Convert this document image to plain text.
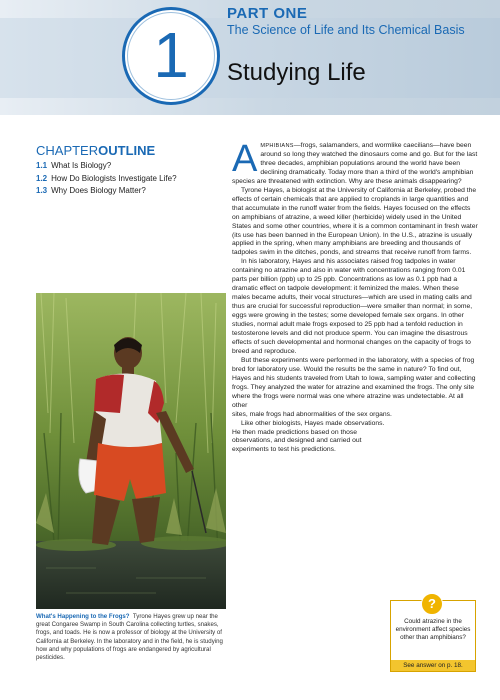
PART ONE
The Science of Life and Its Chemical Basis
1 Studying Life
CHAPTEROUTLINE
1.1 What Is Biology?
1.2 How Do Biologists Investigate Life?
1.3 Why Does Biology Matter?
What's Happening to the Frogs? Tyrone Hayes grew up near the great Congaree Swamp in South Carolina collecting turtles, snakes, frogs, and toads. He is now a professor of biology at the University of California at Berkeley. In the laboratory and in the field, he is studying how and why populations of frogs are endangered by agricultural pesticides.

AMPHIBIANS—frogs, salamanders, and wormlike caecilians—have been around so long they watched the dinosaurs come and go. But for the last three decades, amphibian populations around the world have been declining dramatically. Today more than a third of the world's amphibian species are threatened with extinction. Why are these animals disappearing?

Tyrone Hayes, a biologist at the University of California at Berkeley, probed the effects of certain chemicals that are applied to croplands in large quantities and that accumulate in the runoff water from the fields. Hayes focused on the effects on amphibians of atrazine, a weed killer (herbicide) widely used in the United States and some other countries, where it is a common contaminant in fresh water (its use has been banned in the European Union). In the U.S., atrazine is usually applied in the spring, when many amphibians are breeding and thousands of tadpoles swim in the ditches, ponds, and streams that receive runoff from farms.

In his laboratory, Hayes and his associates raised frog tadpoles in water containing no atrazine and also in water with concentrations ranging from 0.01 parts per billion (ppb) up to 25 ppb. Concentrations as low as 0.1 ppb had a dramatic effect on tadpole development: it feminized the males. When these males became adults, their vocal structures—which are used in mating calls and thus are crucial for successful reproduction—were smaller than normal; in some, eggs were growing in the testes; some developed female sex organs. In other studies, normal adult male frogs exposed to 25 ppb had a tenfold reduction in testosterone levels and did not produce sperm. You can imagine the disastrous effects of such developmental and hormonal changes on the capacity of frogs to breed and reproduce.

But these experiments were performed in the laboratory, with a species of frog bred for laboratory use. Would the results be the same in nature? To find out, Hayes and his students traveled from Utah to Iowa, sampling water and collecting frogs. They analyzed the water for atrazine and examined the frogs. The only site where the frogs were normal was one where atrazine was undetectable. At all other

sites, male frogs had abnormalities of the sex organs.

Like other biologists, Hayes made observations. He then made predictions based on those observations, and designed and carried out experiments to test his predictions.

?
Could atrazine in the environment affect species other than amphibians?
See answer on p. 18.
